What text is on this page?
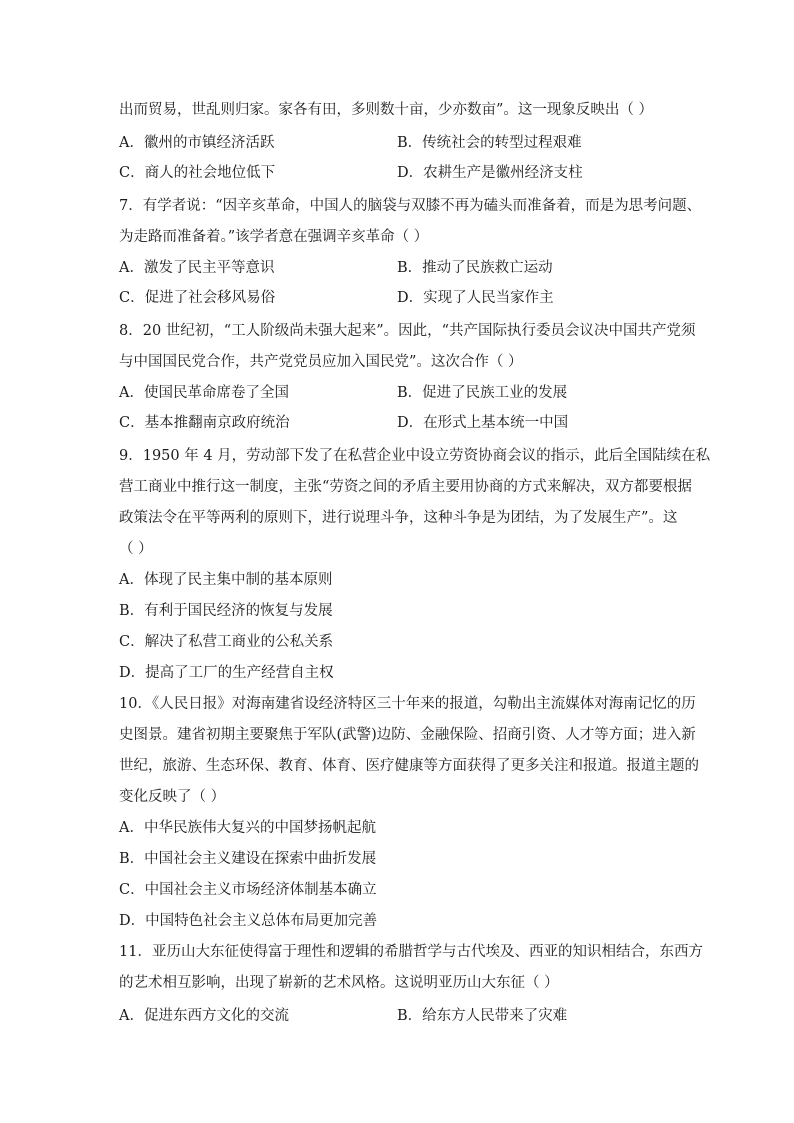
出而贸易，世乱则归家。家各有田，多则数十亩，少亦数亩”。这一现象反映出（ ）
A．徽州的市镇经济活跃	B．传统社会的转型过程艰难
C．商人的社会地位低下	D．农耕生产是徽州经济支柱
7．有学者说：“因辛亥革命，中国人的脑袋与双膝不再为磕头而准备着，而是为思考问题、
为走路而准备着。”该学者意在强调辛亥革命（ ）
A．激发了民主平等意识	B．推动了民族救亡运动
C．促进了社会移风易俗	D．实现了人民当家作主
8．20 世纪初，“工人阶级尚未强大起来”。因此，“共产国际执行委员会议决中国共产党须
与中国国民党合作，共产党党员应加入国民党”。这次合作（ ）
A．使国民革命席卷了全国	B．促进了民族工业的发展
C．基本推翻南京政府统治	D．在形式上基本统一中国
9．1950 年 4 月，劳动部下发了在私营企业中设立劳资协商会议的指示，此后全国陆续在私
营工商业中推行这一制度，主张“劳资之间的矛盾主要用协商的方式来解决，双方都要根据
政策法令在平等两利的原则下，进行说理斗争，这种斗争是为团结，为了发展生产”。这
（ ）
A．体现了民主集中制的基本原则
B．有利于国民经济的恢复与发展
C．解决了私营工商业的公私关系
D．提高了工厂的生产经营自主权
10．《人民日报》对海南建省设经济特区三十年来的报道，勾勒出主流媒体对海南记忆的历
史图景。建省初期主要聚焦于军队(武警)边防、金融保险、招商引资、人才等方面；进入新
世纪，旅游、生态环保、教育、体育、医疗健康等方面获得了更多关注和报道。报道主题的
变化反映了（ ）
A．中华民族伟大复兴的中国梦扬帆起航
B．中国社会主义建设在探索中曲折发展
C．中国社会主义市场经济体制基本确立
D．中国特色社会主义总体布局更加完善
11．亚历山大东征使得富于理性和逻辑的希腊哲学与古代埃及、西亚的知识相结合，东西方
的艺术相互影响，出现了崭新的艺术风格。这说明亚历山大东征（ ）
A．促进东西方文化的交流	B．给东方人民带来了灾难
